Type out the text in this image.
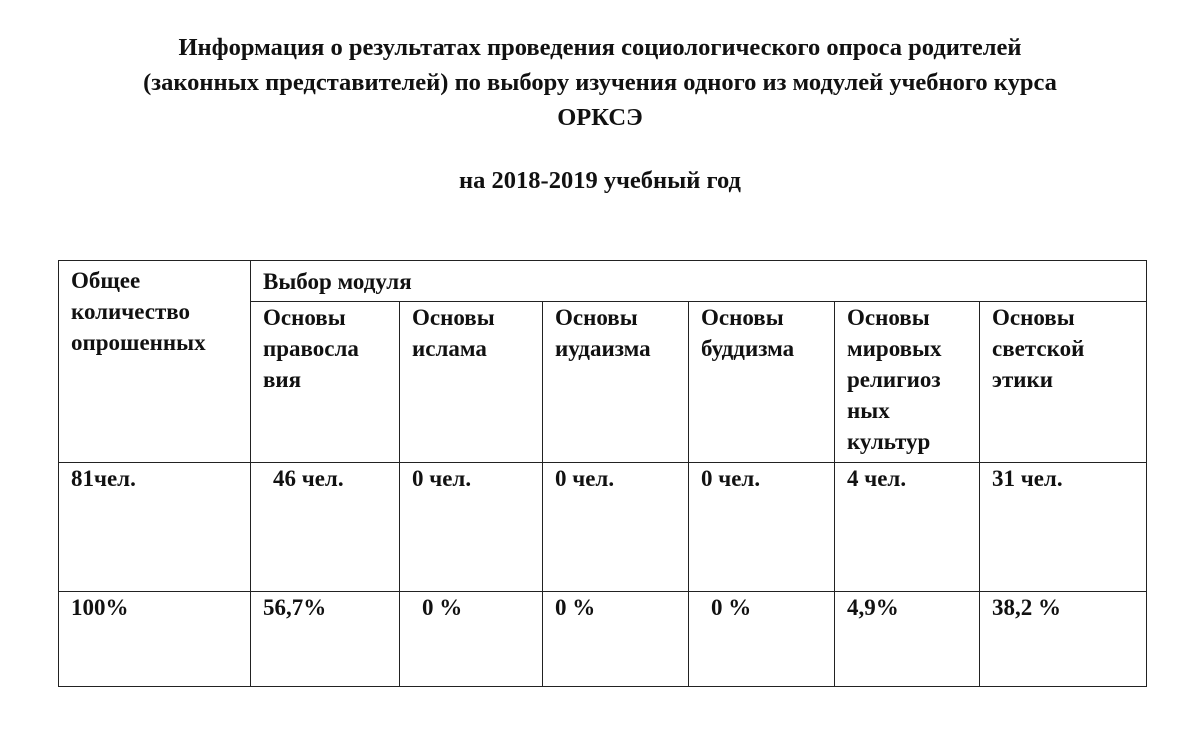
Информация о результатах проведения социологического опроса родителей
(законных представителей) по выбору изучения одного из модулей учебного курса
ОРКСЭ
на 2018-2019 учебный год
Общее количество опрошенных	Выбор модуля					
	Основы правосла вия	Основы ислама	Основы иудаизма	Основы буддизма	Основы мировых религиоз ных культур	Основы светской этики
81чел.	46 чел.	0 чел.	0 чел.	0 чел.	4 чел.	31 чел.
100%	56,7%	0 %	0 %	0 %	4,9%	38,2 %
